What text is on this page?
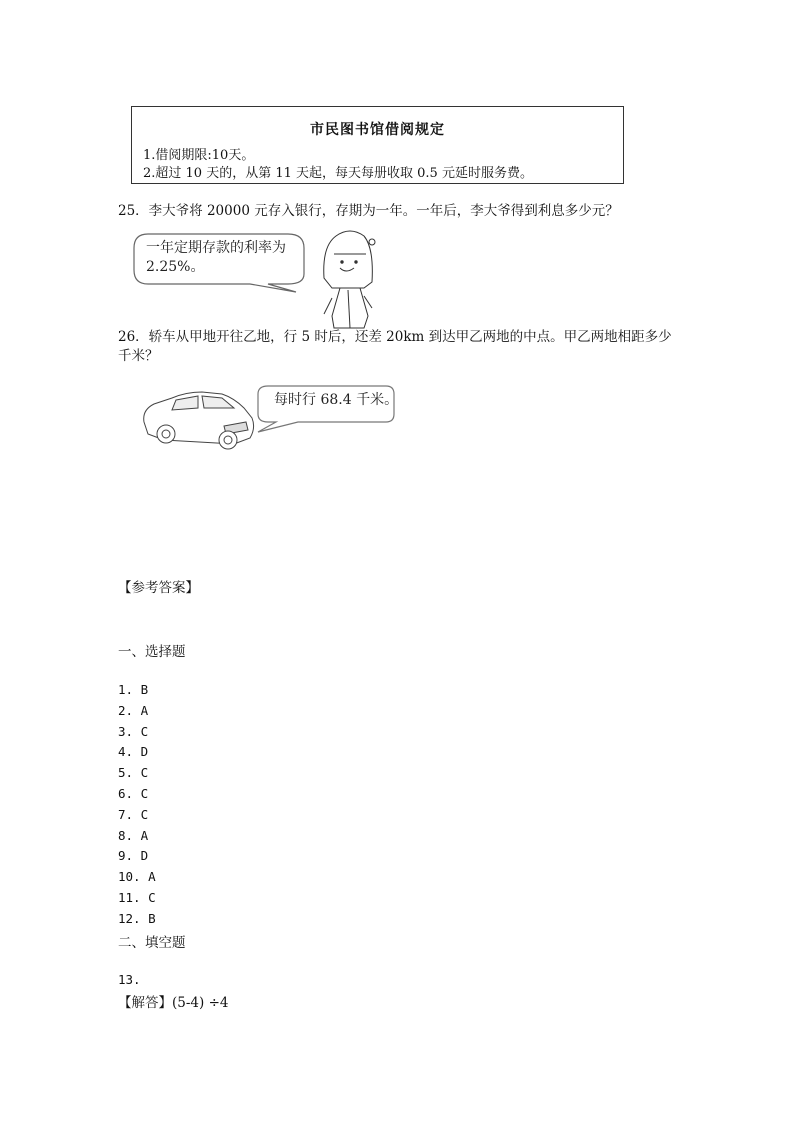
市民图书馆借阅规定
1.借阅期限:10天。
2.超过 10 天的，从第 11 天起，每天每册收取 0.5 元延时服务费。
25．李大爷将 20000 元存入银行，存期为一年。一年后，李大爷得到利息多少元？
一年定期存款的利率为
2.25%。
26．轿车从甲地开往乙地，行 5 时后，还差 20km 到达甲乙两地的中点。甲乙两地相距多少
千米？
每时行 68.4 千米。
【参考答案】
一、选择题
1. B
2. A
3. C
4. D
5. C
6. C
7. C
8. A
9. D
10. A
11. C
12. B
二、填空题
13.
【解答】(5-4) ÷4
